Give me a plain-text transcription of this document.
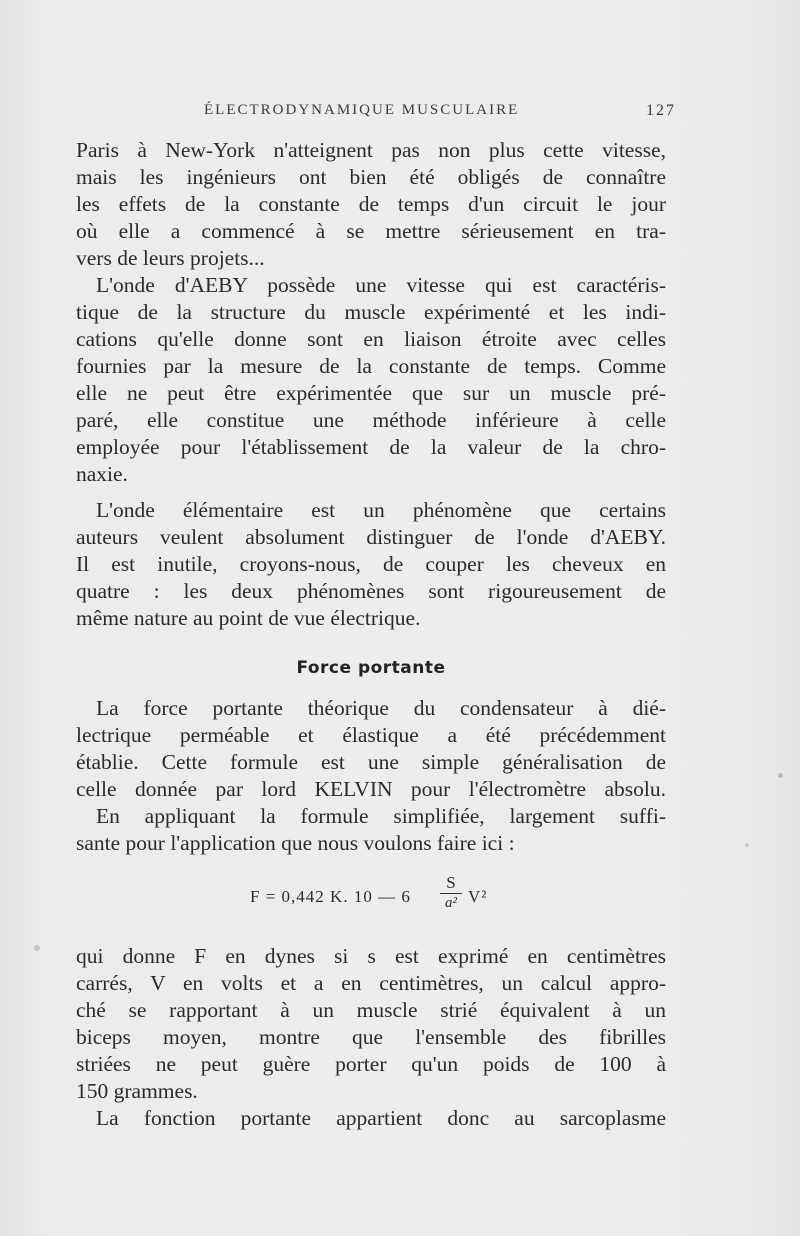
ÉLECTRODYNAMIQUE MUSCULAIRE	127
Paris à New-York n'atteignent pas non plus cette vitesse,
mais les ingénieurs ont bien été obligés de connaître
les effets de la constante de temps d'un circuit le jour
où elle a commencé à se mettre sérieusement en tra-
vers de leurs projets...
L'onde d'AEBY possède une vitesse qui est caractéris-
tique de la structure du muscle expérimenté et les indi-
cations qu'elle donne sont en liaison étroite avec celles
fournies par la mesure de la constante de temps. Comme
elle ne peut être expérimentée que sur un muscle pré-
paré, elle constitue une méthode inférieure à celle
employée pour l'établissement de la valeur de la chro-
naxie.
L'onde élémentaire est un phénomène que certains
auteurs veulent absolument distinguer de l'onde d'AEBY.
Il est inutile, croyons-nous, de couper les cheveux en
quatre : les deux phénomènes sont rigoureusement de
même nature au point de vue électrique.
Force portante
La force portante théorique du condensateur à dié-
lectrique perméable et élastique a été précédemment
établie. Cette formule est une simple généralisation de
celle donnée par lord KELVIN pour l'électromètre absolu.
En appliquant la formule simplifiée, largement suffi-
sante pour l'application que nous voulons faire ici :
F = 0,442 K. 10 — 6
S
a² V²
qui donne F en dynes si s est exprimé en centimètres
carrés, V en volts et a en centimètres, un calcul appro-
ché se rapportant à un muscle strié équivalent à un
biceps moyen, montre que l'ensemble des fibrilles
striées ne peut guère porter qu'un poids de 100 à
150 grammes.
La fonction portante appartient donc au sarcoplasme
